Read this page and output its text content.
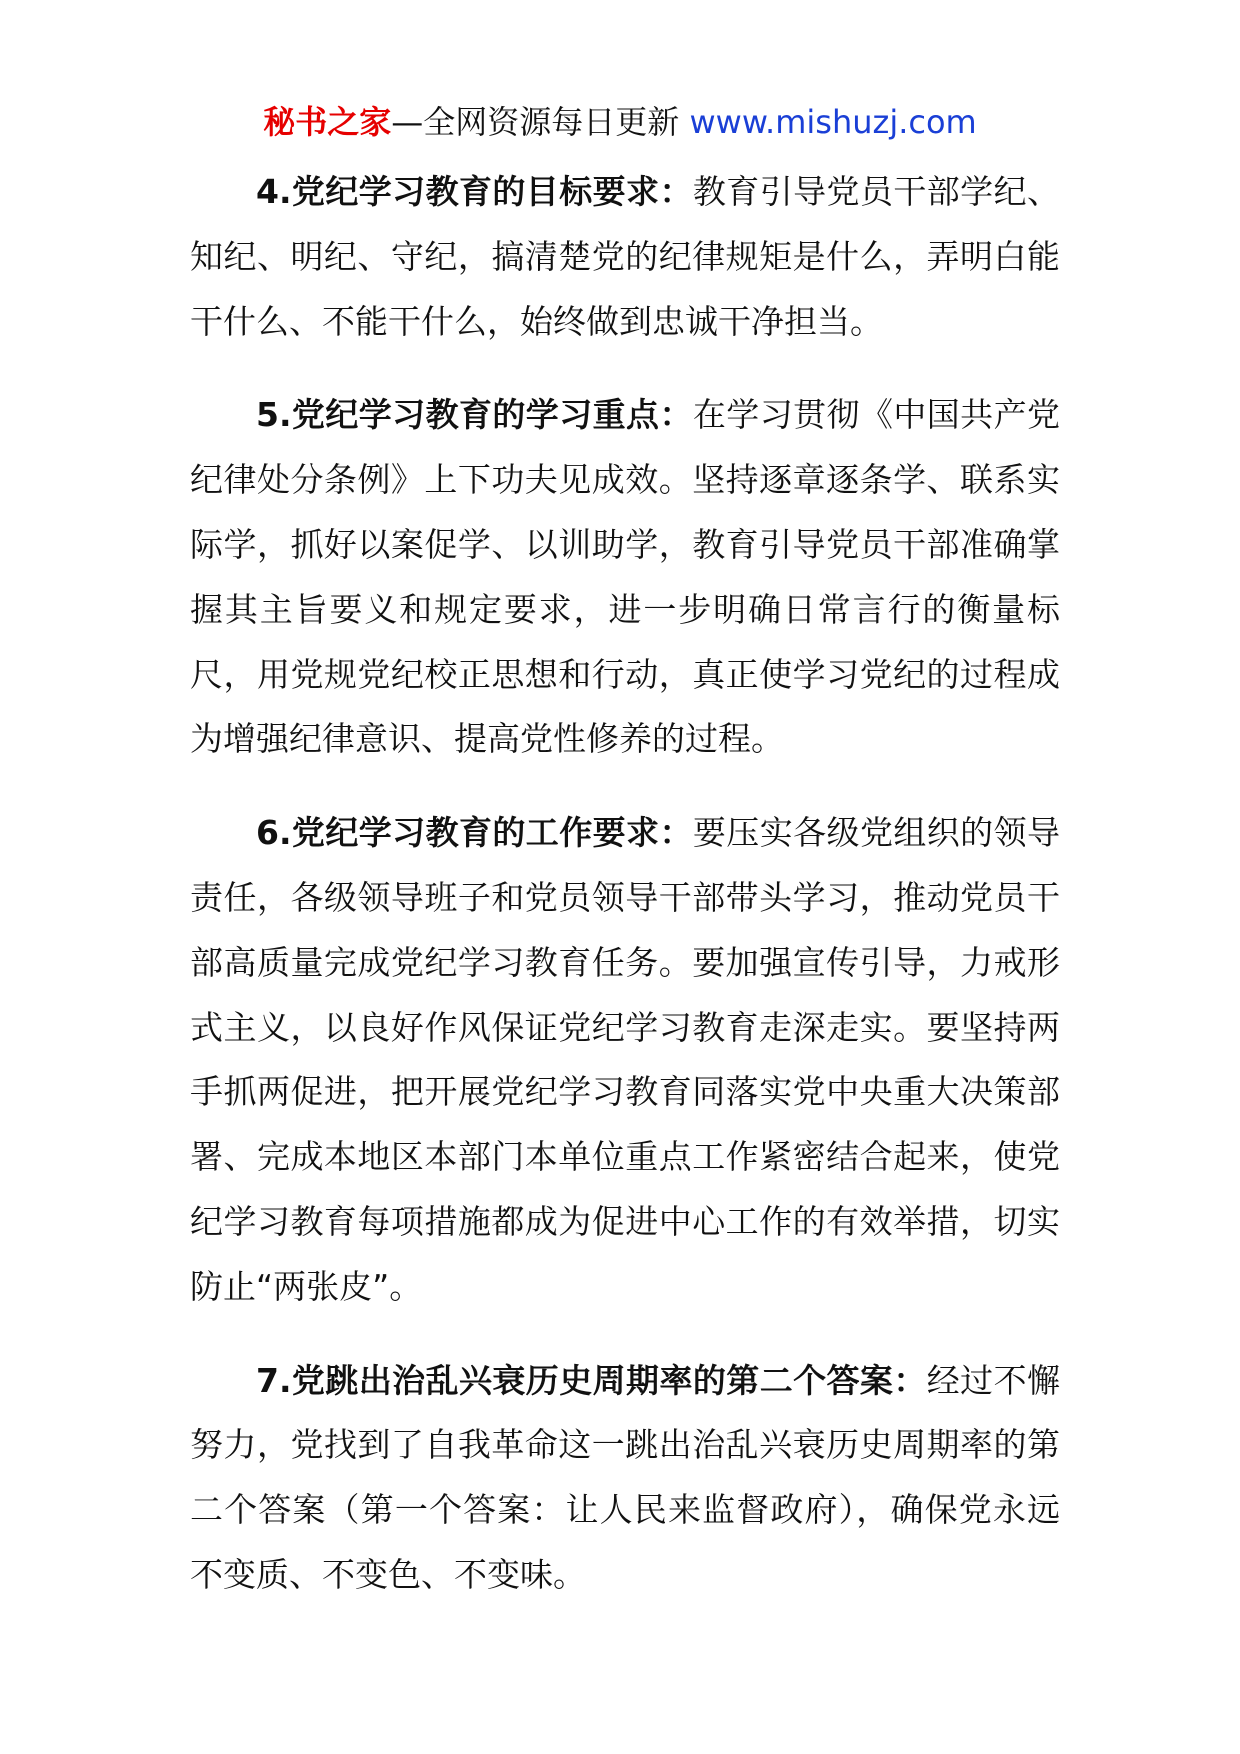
秘书之家—全网资源每日更新 www.mishuzj.com

4.党纪学习教育的目标要求：教育引导党员干部学纪、知纪、明纪、守纪，搞清楚党的纪律规矩是什么，弄明白能干什么、不能干什么，始终做到忠诚干净担当。

5.党纪学习教育的学习重点：在学习贯彻《中国共产党纪律处分条例》上下功夫见成效。坚持逐章逐条学、联系实际学，抓好以案促学、以训助学，教育引导党员干部准确掌握其主旨要义和规定要求，进一步明确日常言行的衡量标尺，用党规党纪校正思想和行动，真正使学习党纪的过程成为增强纪律意识、提高党性修养的过程。

6.党纪学习教育的工作要求：要压实各级党组织的领导责任，各级领导班子和党员领导干部带头学习，推动党员干部高质量完成党纪学习教育任务。要加强宣传引导，力戒形式主义，以良好作风保证党纪学习教育走深走实。要坚持两手抓两促进，把开展党纪学习教育同落实党中央重大决策部署、完成本地区本部门本单位重点工作紧密结合起来，使党纪学习教育每项措施都成为促进中心工作的有效举措，切实防止“两张皮”。

7.党跳出治乱兴衰历史周期率的第二个答案：经过不懈努力，党找到了自我革命这一跳出治乱兴衰历史周期率的第二个答案（第一个答案：让人民来监督政府），确保党永远不变质、不变色、不变味。
